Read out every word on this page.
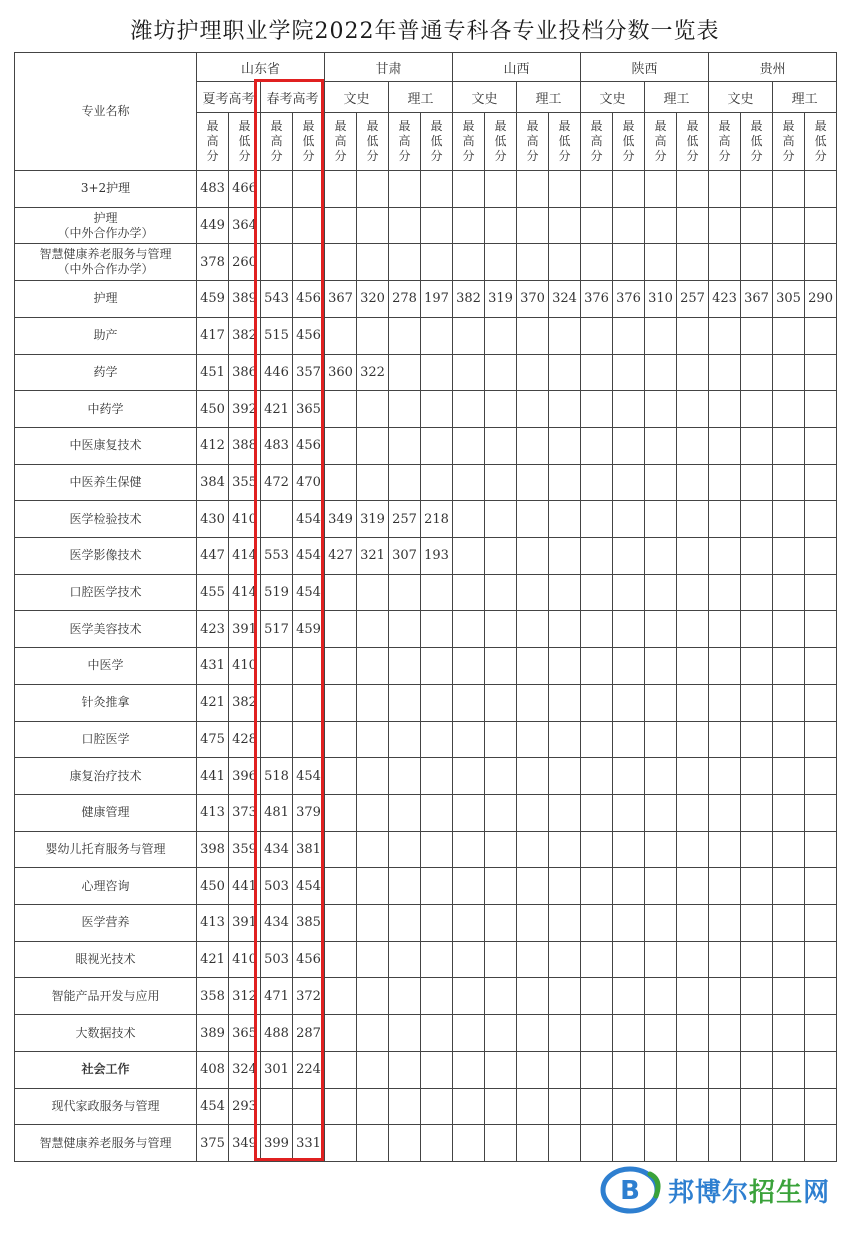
潍坊护理职业学院2022年普通专科各专业投档分数一览表
专业名称	山东省				甘肃				山西				陕西				贵州			
	夏考高考		春考高考		文史		理工		文史		理工		文史		理工		文史		理工	

	最
高
分	最
低
分	最
高
分	最
低
分	最
高
分	最
低
分	最
高
分	最
低
分	最
高
分	最
低
分	最
高
分	最
低
分	最
高
分	最
低
分	最
高
分	最
低
分	最
高
分	最
低
分	最
高
分	最
低
分

3+2护理	483	466																		
护理
（中外合作办学）	449	364																		
智慧健康养老服务与管理
（中外合作办学）	378	260																		
护理	459	389	543	456	367	320	278	197	382	319	370	324	376	376	310	257	423	367	305	290
助产	417	382	515	456																
药学	451	386	446	357	360	322														
中药学	450	392	421	365																
中医康复技术	412	388	483	456																
中医养生保健	384	355	472	470																
医学检验技术	430	410		454	349	319	257	218												
医学影像技术	447	414	553	454	427	321	307	193												
口腔医学技术	455	414	519	454																
医学美容技术	423	391	517	459																
中医学	431	410																		
针灸推拿	421	382																		
口腔医学	475	428																		
康复治疗技术	441	396	518	454																
健康管理	413	373	481	379																
婴幼儿托育服务与管理	398	359	434	381																
心理咨询	450	441	503	454																
医学营养	413	391	434	385																
眼视光技术	421	410	503	456																
智能产品开发与应用	358	312	471	372																
大数据技术	389	365	488	287																
社会工作	408	324	301	224																
现代家政服务与管理	454	293																		
智慧健康养老服务与管理	375	349	399	331																
B 邦博尔招生网
